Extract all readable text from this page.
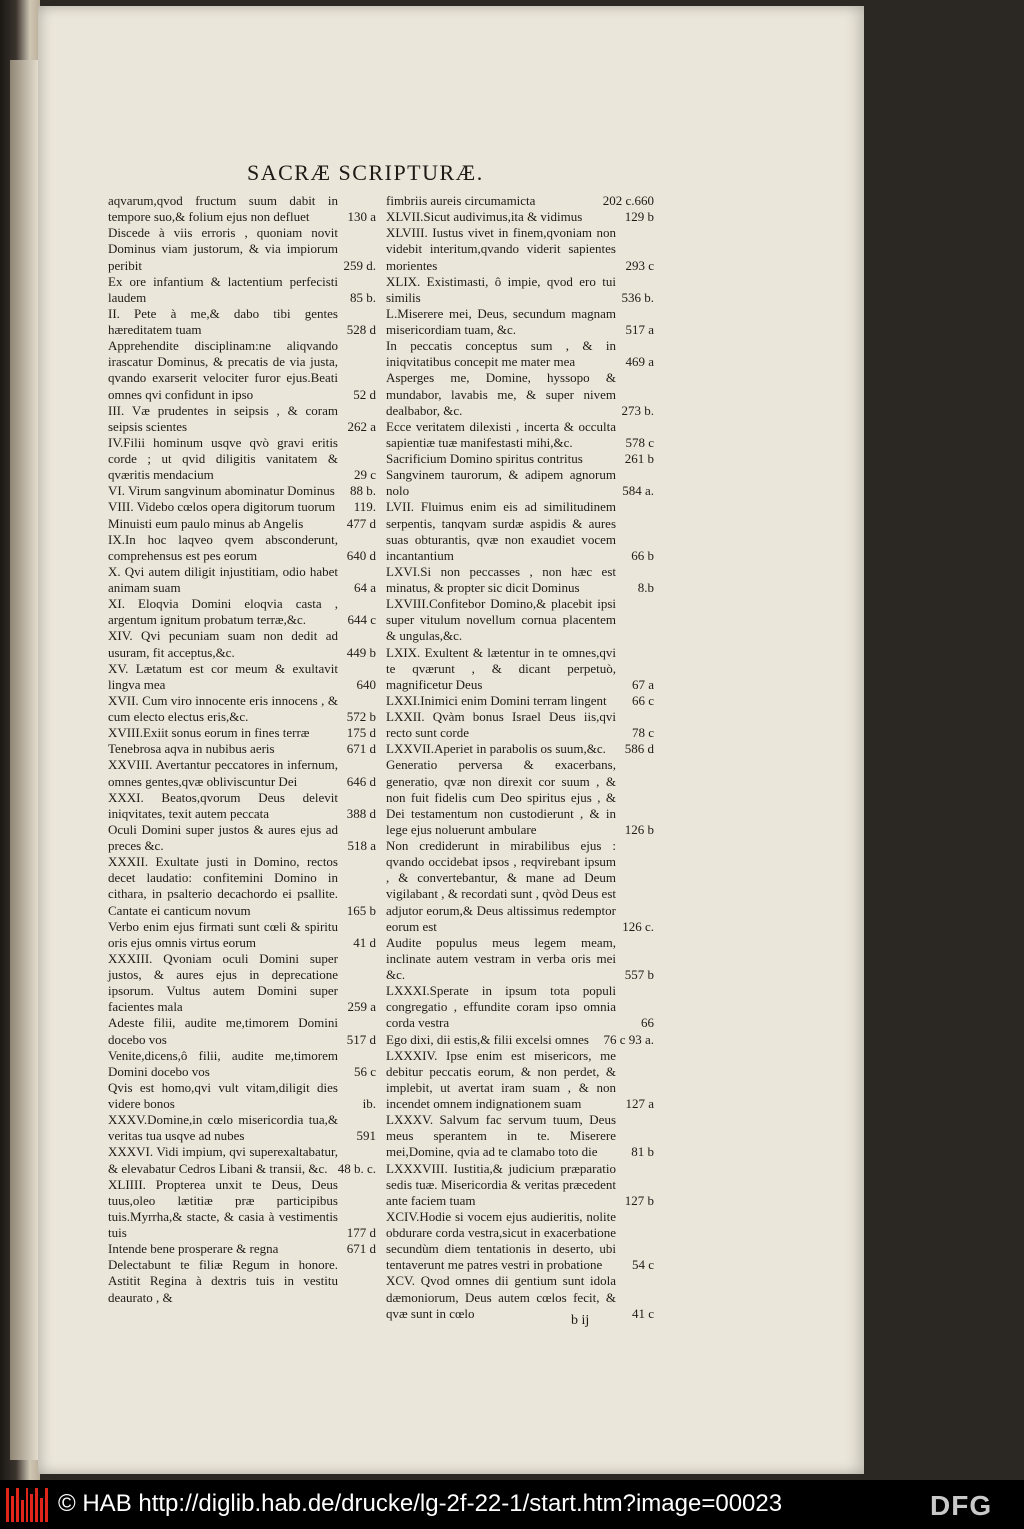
SACRÆ SCRIPTURÆ.
aqvarum,qvod fructum suum dabit in tempore suo,& folium ejus non defluet	130 a
Discede à viis erroris , quoniam novit Dominus viam justorum, & via impiorum peribit	259 d.
Ex ore infantium & lactentium perfecisti laudem	85 b.
II. Pete à me,& dabo tibi gentes hæreditatem tuam	528 d
Apprehendite disciplinam:ne aliqvando irascatur Dominus, & precatis de via justa, qvando exarserit velociter furor ejus.Beati omnes qvi confidunt in ipso	52 d
III. Væ prudentes in seipsis , & coram seipsis scientes	262 a
IV.Filii hominum usqve qvò gravi eritis corde ; ut qvid diligitis vanitatem & qværitis mendacium	29 c
VI. Virum sangvinum abominatur Dominus 88 b.
VIII. Videbo cœlos opera digitorum tuorum 119.
Minuisti eum paulo minus ab Angelis	477 d
IX.In hoc laqveo qvem absconderunt, comprehensus est pes eorum	640 d
X. Qvi autem diligit injustitiam, odio habet animam suam	64 a
XI. Eloqvia Domini eloqvia casta , argentum ignitum probatum terræ,&c.	644 c
XIV. Qvi pecuniam suam non dedit ad usuram, fit acceptus,&c.	449 b
XV. Lætatum est cor meum & exultavit lingva mea	640
XVII. Cum viro innocente eris innocens , & cum electo electus eris,&c.	572 b
XVIII.Exiit sonus eorum in fines terræ	175 d
Tenebrosa aqva in nubibus aeris	671 d
XXVIII. Avertantur peccatores in infernum, omnes gentes,qvæ obliviscuntur Dei	646 d
XXXI. Beatos,qvorum Deus delevit iniqvitates, texit autem peccata	388 d
Oculi Domini super justos & aures ejus ad preces &c.	518 a
XXXII. Exultate justi in Domino, rectos decet laudatio: confitemini Domino in cithara, in psalterio decachordo ei psallite. Cantate ei canticum novum	165 b
Verbo enim ejus firmati sunt cœli & spiritu oris ejus omnis virtus eorum	41 d
XXXIII. Qvoniam oculi Domini super justos, & aures ejus in deprecatione ipsorum. Vultus autem Domini super facientes mala	259 a
Adeste filii, audite me,timorem Domini docebo vos	517 d
Venite,dicens,ô filii, audite me,timorem Domini docebo vos	56 c
Qvis est homo,qvi vult vitam,diligit dies videre bonos	ib.
XXXV.Domine,in cœlo misericordia tua,& veritas tua usqve ad nubes	591
XXXVI. Vidi impium, qvi superexaltabatur, & elevabatur Cedros Libani & transii, &c. 48 b. c.
XLIIII. Propterea unxit te Deus, Deus tuus,oleo lætitiæ præ participibus tuis.Myrrha,& stacte, & casia à vestimentis tuis	177 d
Intende bene prosperare & regna	671 d
Delectabunt te filiæ Regum in honore. Astitit Regina à dextris tuis in vestitu deaurato , &
fimbriis aureis circumamicta	202 c.660
XLVII.Sicut audivimus,ita & vidimus	129 b
XLVIII. Iustus vivet in finem,qvoniam non videbit interitum,qvando viderit sapientes morientes	293 c
XLIX. Existimasti, ô impie, qvod ero tui similis	536 b.
L.Miserere mei, Deus, secundum magnam misericordiam tuam, &c.	517 a
In peccatis conceptus sum , & in iniqvitatibus concepit me mater mea	469 a
Asperges me, Domine, hyssopo & mundabor, lavabis me, & super nivem dealbabor, &c.	273 b.
Ecce veritatem dilexisti , incerta & occulta sapientiæ tuæ manifestasti mihi,&c.	578 c
Sacrificium Domino spiritus contritus	261 b
Sangvinem taurorum, & adipem agnorum nolo	584 a.
LVII. Fluimus enim eis ad similitudinem serpentis, tanqvam surdæ aspidis & aures suas obturantis, qvæ non exaudiet vocem incantantium	66 b
LXVI.Si non peccasses , non hæc est minatus, & propter sic dicit Dominus	8.b
LXVIII.Confitebor Domino,& placebit ipsi super vitulum novellum cornua placentem & ungulas,&c.
LXIX. Exultent & lætentur in te omnes,qvi te qværunt , & dicant perpetuò, magnificetur Deus	67 a
LXXI.Inimici enim Domini terram lingent 66 c
LXXII. Qvàm bonus Israel Deus iis,qvi recto sunt corde	78 c
LXXVII.Aperiet in parabolis os suum,&c. 586 d
Generatio perversa & exacerbans, generatio, qvæ non direxit cor suum , & non fuit fidelis cum Deo spiritus ejus , & Dei testamentum non custodierunt , & in lege ejus noluerunt ambulare	126 b
Non crediderunt in mirabilibus ejus : qvando occidebat ipsos , reqvirebant ipsum , & convertebantur, & mane ad Deum vigilabant , & recordati sunt , qvòd Deus est adjutor eorum,& Deus altissimus redemptor eorum est	126 c.
Audite populus meus legem meam, inclinate autem vestram in verba oris mei &c.	557 b
LXXXI.Sperate in ipsum tota populi congregatio , effundite coram ipso omnia corda vestra	66
Ego dixi, dii estis,& filii excelsi omnes 76 c 93 a.
LXXXIV. Ipse enim est misericors, me debitur peccatis eorum, & non perdet, & implebit, ut avertat iram suam , & non incendet omnem indignationem suam	127 a
LXXXV. Salvum fac servum tuum, Deus meus sperantem in te. Miserere mei,Domine, qvia ad te clamabo toto die	81 b
LXXXVIII. Iustitia,& judicium præparatio sedis tuæ. Misericordia & veritas præcedent ante faciem tuam	127 b
XCIV.Hodie si vocem ejus audieritis, nolite obdurare corda vestra,sicut in exacerbatione secundùm diem tentationis in deserto, ubi tentaverunt me patres vestri in probatione 54 c
XCV. Qvod omnes dii gentium sunt idola dæmoniorum, Deus autem cœlos fecit, & qvæ sunt in cœlo	41 c
b ij
© HAB http://diglib.hab.de/drucke/lg-2f-22-1/start.htm?image=00023	DFG
